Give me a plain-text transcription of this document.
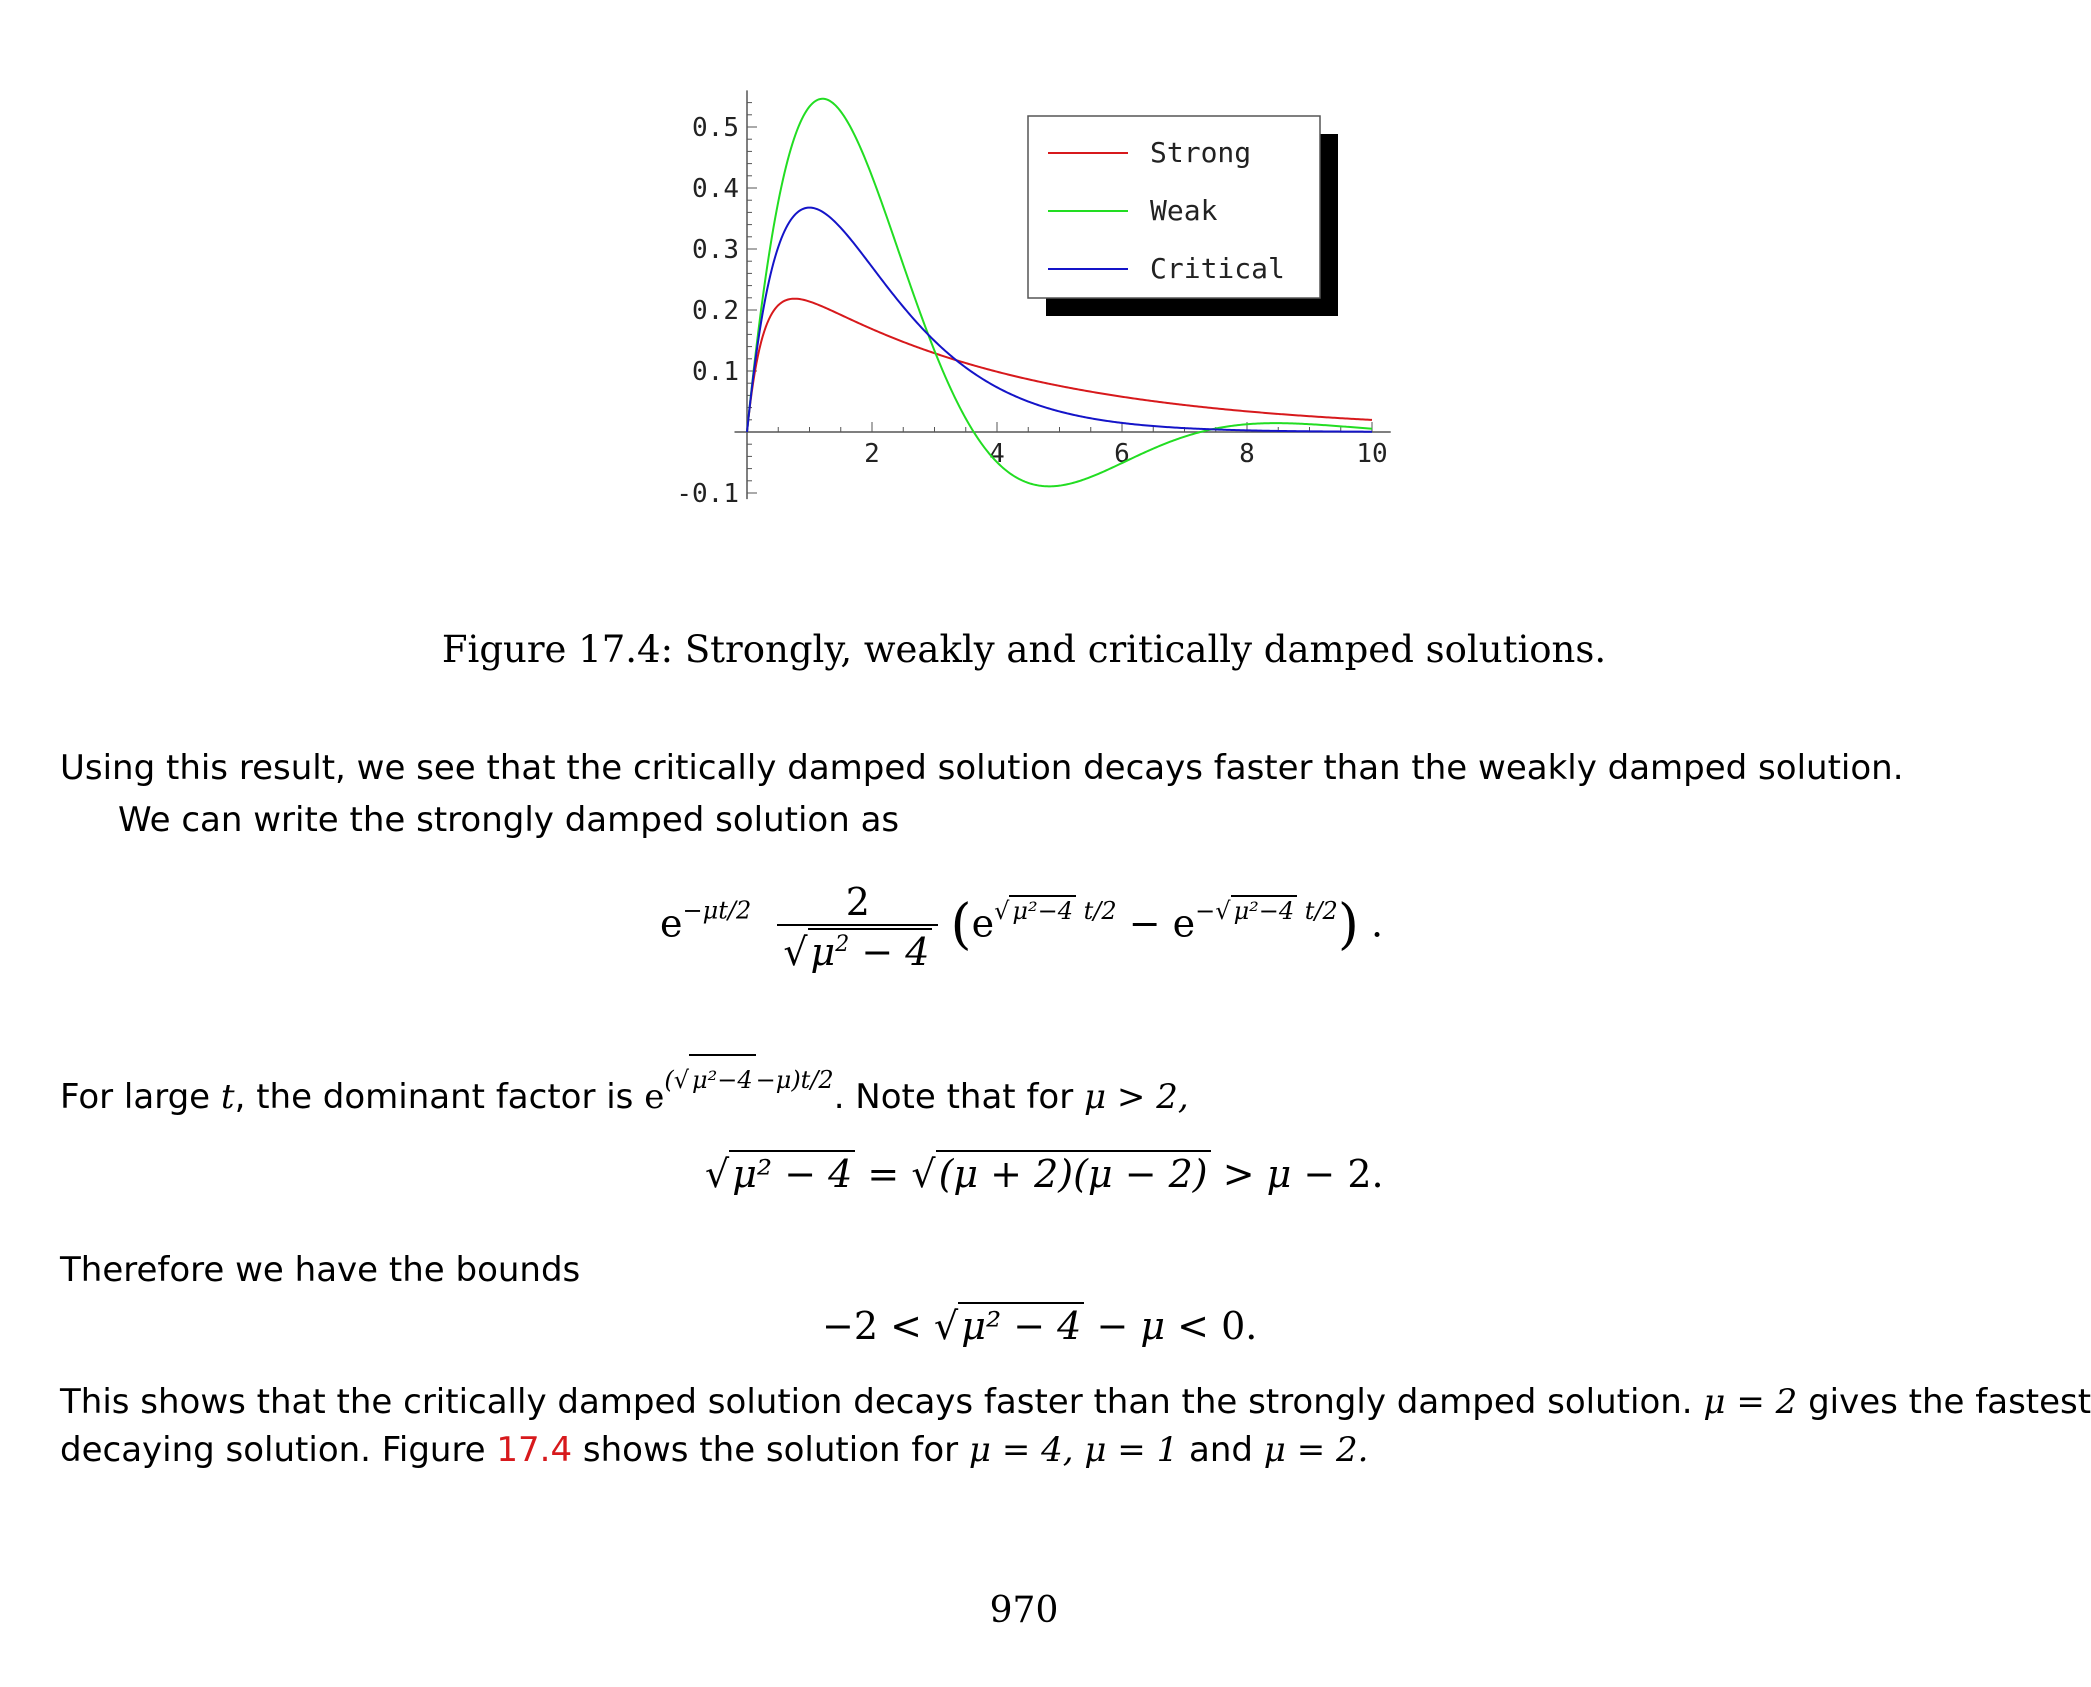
2	4	6	8	10
0.5
0.4
0.3
0.2
0.1
-0.1
Strong
Weak
Critical
Figure 17.4: Strongly, weakly and critically damped solutions.
Using this result, we see that the critically damped solution decays faster than the weakly damped solution.
We can write the strongly damped solution as
$e^{-\mu t/2} \frac{2}{√\mu^2 - 4} (e^{√ \mu^2-4 t/2} - e^{-√ \mu^2-4 t/2})$ .
For large t, the dominant factor is $e^{(√ \mu^2-4 -\mu)t/2}$. Note that for μ > 2,
√μ² − 4 = √(μ + 2)(μ − 2) > μ − 2.
Therefore we have the bounds
−2 < √μ² − 4 − μ < 0.
This shows that the critically damped solution decays faster than the strongly damped solution. μ = 2 gives the fastest
decaying solution. Figure 17.4 shows the solution for μ = 4, μ = 1 and μ = 2.
970
